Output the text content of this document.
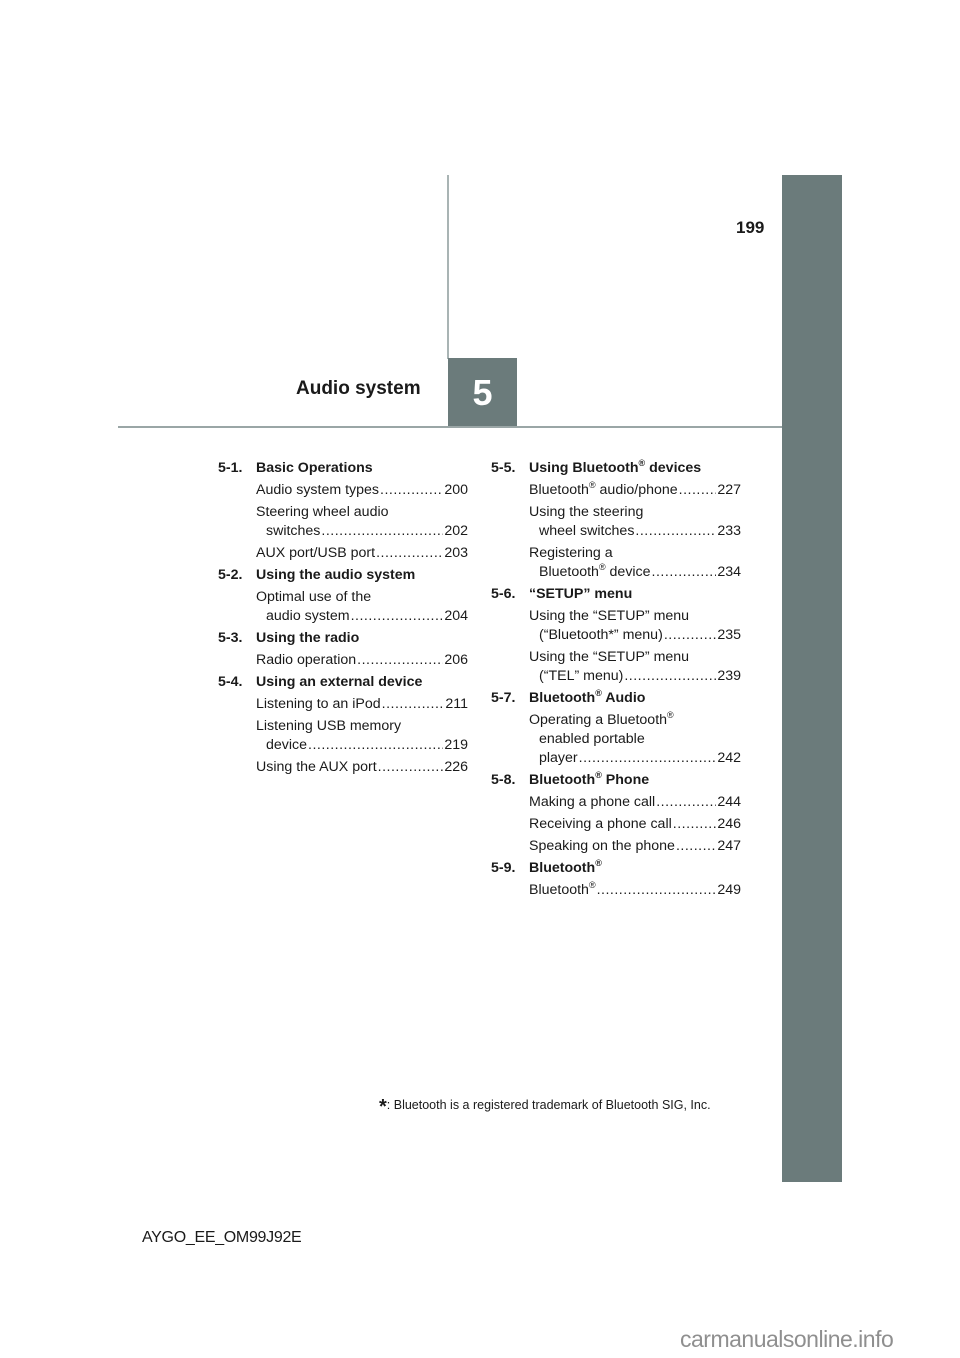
199
Audio system 5
5-1. Basic Operations
Audio system types .....	200
Steering wheel audio
switches .....	202
AUX port/USB port .....	203
5-2. Using the audio system
Optimal use of the
audio system .....	204
5-3. Using the radio
Radio operation .....	206
5-4. Using an external device
Listening to an iPod .....	211
Listening USB memory
device .....	219
Using the AUX port .....	226
5-5. Using Bluetooth® devices
Bluetooth® audio/phone .....	227
Using the steering
wheel switches .....	233
Registering a
Bluetooth® device .....	234
5-6. “SETUP” menu
Using the “SETUP” menu
(“Bluetooth*” menu) .....	235
Using the “SETUP” menu
(“TEL” menu) .....	239
5-7. Bluetooth® Audio
Operating a Bluetooth®
enabled portable
player .....	242
5-8. Bluetooth® Phone
Making a phone call .....	244
Receiving a phone call .....	246
Speaking on the phone .....	247
5-9. Bluetooth®
Bluetooth® .....	249
*: Bluetooth is a registered trademark of Bluetooth SIG, Inc.
AYGO_EE_OM99J92E
carmanualsonline.info
